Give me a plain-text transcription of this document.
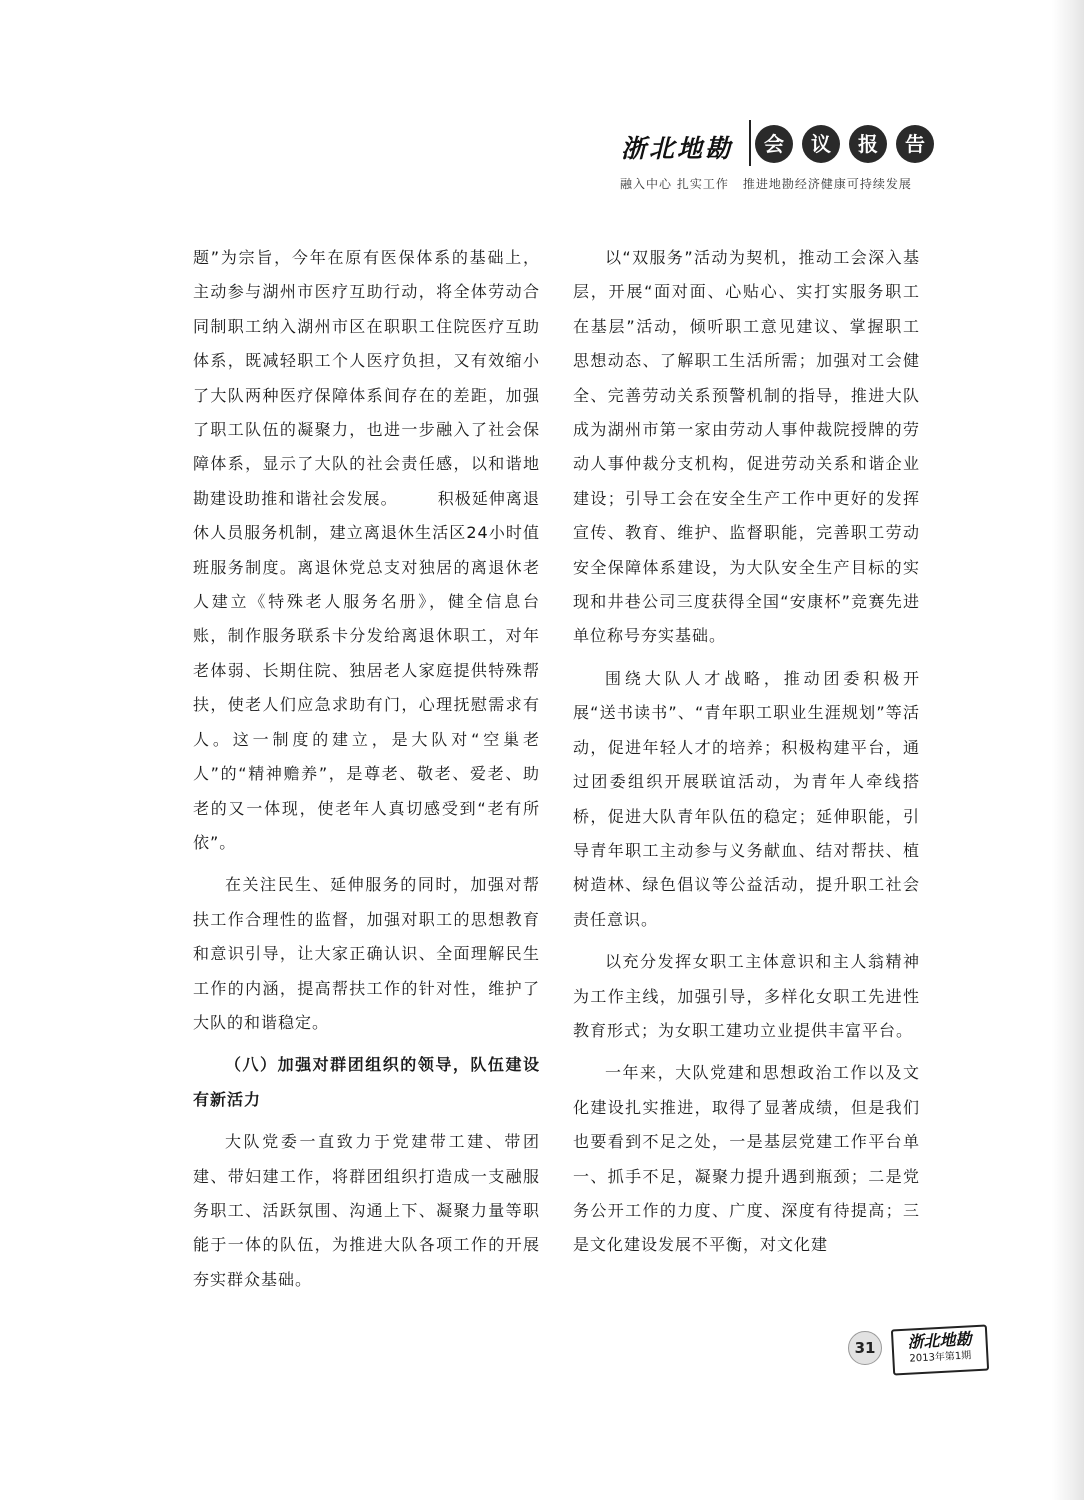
浙北地勘	会	议	报	告
融入中心 扎实工作 推进地勘经济健康可持续发展

题”为宗旨，今年在原有医保体系的基础上，主动参与湖州市医疗互助行动，将全体劳动合同制职工纳入湖州市区在职职工住院医疗互助体系，既减轻职工个人医疗负担，又有效缩小了大队两种医疗保障体系间存在的差距，加强了职工队伍的凝聚力，也进一步融入了社会保障体系，显示了大队的社会责任感，以和谐地勘建设助推和谐社会发展。	积极延伸离退休人员服务机制，建立离退休生活区24小时值班服务制度。离退休党总支对独居的离退休老人建立《特殊老人服务名册》，健全信息台账，制作服务联系卡分发给离退休职工，对年老体弱、长期住院、独居老人家庭提供特殊帮扶，使老人们应急求助有门，心理抚慰需求有人。这一制度的建立，是大队对“空巢老人”的“精神赡养”，是尊老、敬老、爱老、助老的又一体现，使老年人真切感受到“老有所依”。

在关注民生、延伸服务的同时，加强对帮扶工作合理性的监督，加强对职工的思想教育和意识引导，让大家正确认识、全面理解民生工作的内涵，提高帮扶工作的针对性，维护了大队的和谐稳定。

（八）加强对群团组织的领导，队伍建设有新活力

大队党委一直致力于党建带工建、带团建、带妇建工作，将群团组织打造成一支融服务职工、活跃氛围、沟通上下、凝聚力量等职能于一体的队伍，为推进大队各项工作的开展夯实群众基础。

以“双服务”活动为契机，推动工会深入基层，开展“面对面、心贴心、实打实服务职工在基层”活动，倾听职工意见建议、掌握职工思想动态、了解职工生活所需；加强对工会健全、完善劳动关系预警机制的指导，推进大队成为湖州市第一家由劳动人事仲裁院授牌的劳动人事仲裁分支机构，促进劳动关系和谐企业建设；引导工会在安全生产工作中更好的发挥宣传、教育、维护、监督职能，完善职工劳动安全保障体系建设，为大队安全生产目标的实现和井巷公司三度获得全国“安康杯”竞赛先进单位称号夯实基础。

围绕大队人才战略，推动团委积极开展“送书读书”、“青年职工职业生涯规划”等活动，促进年轻人才的培养；积极构建平台，通过团委组织开展联谊活动，为青年人牵线搭桥，促进大队青年队伍的稳定；延伸职能，引导青年职工主动参与义务献血、结对帮扶、植树造林、绿色倡议等公益活动，提升职工社会责任意识。

以充分发挥女职工主体意识和主人翁精神为工作主线，加强引导，多样化女职工先进性教育形式；为女职工建功立业提供丰富平台。

一年来，大队党建和思想政治工作以及文化建设扎实推进，取得了显著成绩，但是我们也要看到不足之处，一是基层党建工作平台单一、抓手不足，凝聚力提升遇到瓶颈；二是党务公开工作的力度、广度、深度有待提高；三是文化建设发展不平衡，对文化建

31	浙北地勘
2013年第1期
